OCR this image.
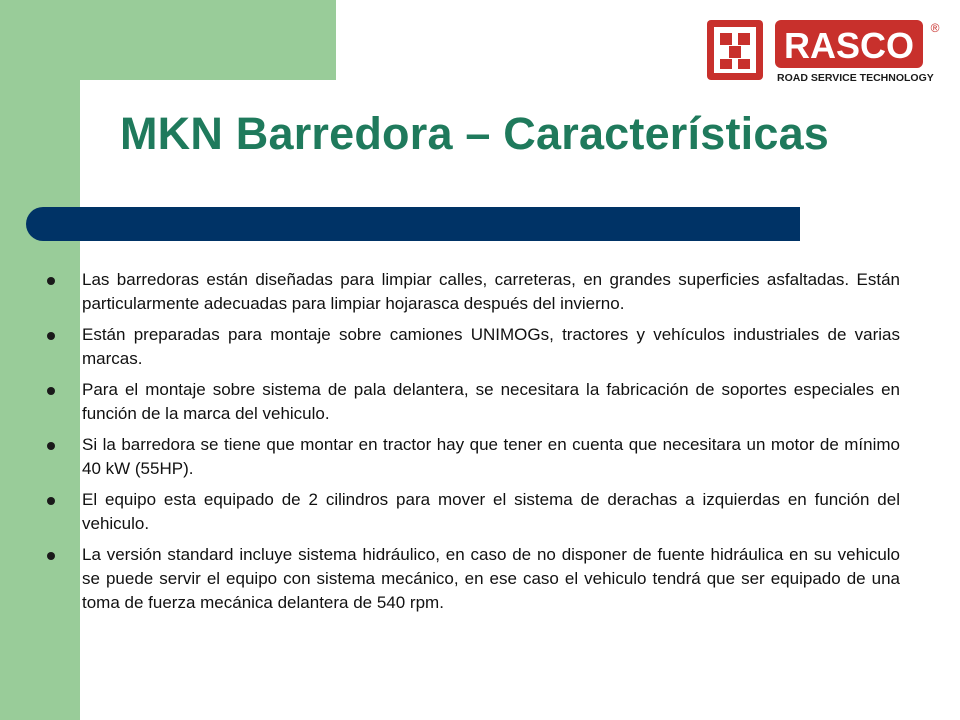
RASCO ®
ROAD SERVICE TECHNOLOGY
MKN Barredora – Características
Las barredoras están diseñadas para limpiar calles, carreteras, en grandes superficies asfaltadas. Están particularmente adecuadas para limpiar hojarasca después del invierno.
Están preparadas para montaje sobre camiones UNIMOGs, tractores y vehículos industriales de varias marcas.
Para el montaje sobre sistema de pala delantera, se necesitara la fabricación de soportes especiales en función de la marca del vehiculo.
Si la barredora se tiene que montar en tractor hay que tener en cuenta que necesitara un motor de mínimo 40 kW (55HP).
El equipo esta equipado de 2 cilindros para mover el sistema de derachas a izquierdas en función del vehiculo.
La versión standard incluye sistema hidráulico, en caso de no disponer de fuente hidráulica en su vehiculo se puede servir el equipo con sistema mecánico, en ese caso el vehiculo tendrá que ser equipado de una toma de fuerza mecánica delantera de 540 rpm.
